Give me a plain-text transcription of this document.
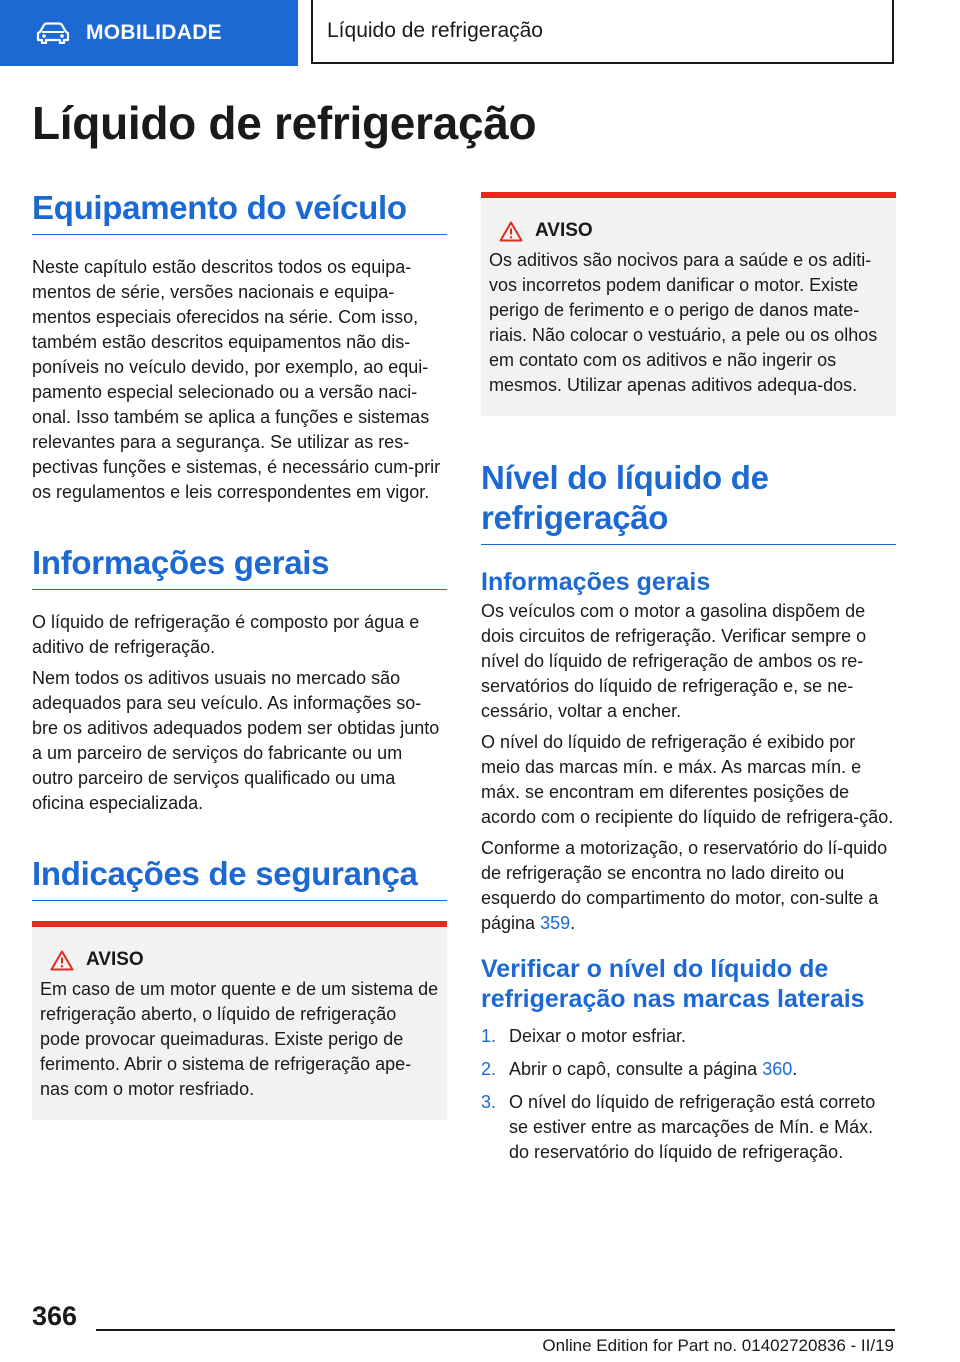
MOBILIDADE	Líquido de refrigeração
Líquido de refrigeração
Equipamento do veículo

Neste capítulo estão descritos todos os equipa-mentos de série, versões nacionais e equipa-mentos especiais oferecidos na série. Com isso, também estão descritos equipamentos não dis-poníveis no veículo devido, por exemplo, ao equi-pamento especial selecionado ou a versão naci-onal. Isso também se aplica a funções e sistemas relevantes para a segurança. Se utilizar as res-pectivas funções e sistemas, é necessário cum-prir os regulamentos e leis correspondentes em vigor.

Informações gerais

O líquido de refrigeração é composto por água e aditivo de refrigeração.

Nem todos os aditivos usuais no mercado são adequados para seu veículo. As informações so-bre os aditivos adequados podem ser obtidas junto a um parceiro de serviços do fabricante ou um outro parceiro de serviços qualificado ou uma oficina especializada.

Indicações de segurança
AVISO

Em caso de um motor quente e de um sistema de refrigeração aberto, o líquido de refrigeração pode provocar queimaduras. Existe perigo de ferimento. Abrir o sistema de refrigeração ape-nas com o motor resfriado.

AVISO

Os aditivos são nocivos para a saúde e os aditi-vos incorretos podem danificar o motor. Existe perigo de ferimento e o perigo de danos mate-riais. Não colocar o vestuário, a pele ou os olhos em contato com os aditivos e não ingerir os mesmos. Utilizar apenas aditivos adequa-dos.

Nível do líquido de refrigeração
Informações gerais

Os veículos com o motor a gasolina dispõem de dois circuitos de refrigeração. Verificar sempre o nível do líquido de refrigeração de ambos os re-servatórios do líquido de refrigeração e, se ne-cessário, voltar a encher.

O nível do líquido de refrigeração é exibido por meio das marcas mín. e máx. As marcas mín. e máx. se encontram em diferentes posições de acordo com o recipiente do líquido de refrigera-ção.

Conforme a motorização, o reservatório do lí-quido de refrigeração se encontra no lado direito ou esquerdo do compartimento do motor, con-sulte a página 359.

Verificar o nível do líquido de refrigeração nas marcas laterais
1. Deixar o motor esfriar.
2. Abrir o capô, consulte a página 360.
3. O nível do líquido de refrigeração está correto se estiver entre as marcações de Mín. e Máx. do reservatório do líquido de refrigeração.
366
Online Edition for Part no. 01402720836 - II/19
